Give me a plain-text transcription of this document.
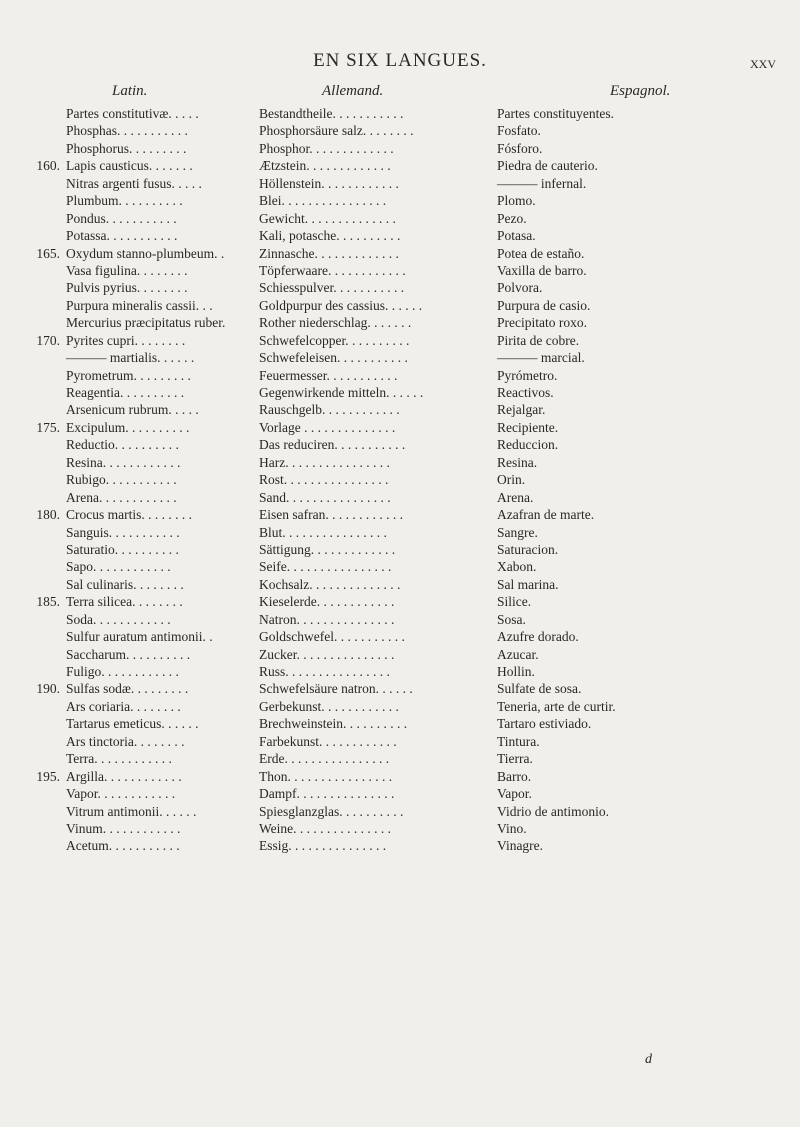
EN SIX LANGUES.	XXV
Latin.	Allemand.	Espagnol.
Partes constitutivæ. . . . .	Bestandtheile. . . . . . . . . . .	Partes constituyentes.
Phosphas. . . . . . . . . . .	Phosphorsäure salz. . . . . . . .	Fosfato.
Phosphorus. . . . . . . . .	Phosphor. . . . . . . . . . . . .	Fósforo.
160. Lapis causticus. . . . . . .	Ætzstein. . . . . . . . . . . . .	Piedra de cauterio.
Nitras argenti fusus. . . . .	Höllenstein. . . . . . . . . . . .	——— infernal.
Plumbum. . . . . . . . . .	Blei. . . . . . . . . . . . . . . .	Plomo.
Pondus. . . . . . . . . . .	Gewicht. . . . . . . . . . . . . .	Pezo.
Potassa. . . . . . . . . . .	Kali, potasche. . . . . . . . . .	Potasa.
165. Oxydum stanno-plumbeum. .	Zinnasche. . . . . . . . . . . . .	Potea de estaño.
Vasa figulina. . . . . . . .	Töpferwaare. . . . . . . . . . . .	Vaxilla de barro.
Pulvis pyrius. . . . . . . .	Schiesspulver. . . . . . . . . . .	Polvora.
Purpura mineralis cassii. . .	Goldpurpur des cassius. . . . . .	Purpura de casio.
Mercurius præcipitatus ruber. Rother niederschlag. . . . . . .	Precipitato roxo.
170. Pyrites cupri. . . . . . . .	Schwefelcopper. . . . . . . . . .	Pirita de cobre.
——— martialis. . . . . .	Schwefeleisen. . . . . . . . . . .	——— marcial.
Pyrometrum. . . . . . . . .	Feuermesser. . . . . . . . . . .	Pyrómetro.
Reagentia. . . . . . . . . .	Gegenwirkende mitteln. . . . . .	Reactivos.
Arsenicum rubrum. . . . .	Rauschgelb. . . . . . . . . . . .	Rejalgar.
175. Excipulum. . . . . . . . . .	Vorlage . . . . . . . . . . . . . .	Recipiente.
Reductio. . . . . . . . . .	Das reduciren. . . . . . . . . . .	Reduccion.
Resina. . . . . . . . . . . .	Harz. . . . . . . . . . . . . . . .	Resina.
Rubigo. . . . . . . . . . .	Rost. . . . . . . . . . . . . . . .	Orin.
Arena. . . . . . . . . . . .	Sand. . . . . . . . . . . . . . . .	Arena.
180. Crocus martis. . . . . . . .	Eisen safran. . . . . . . . . . . .	Azafran de marte.
Sanguis. . . . . . . . . . .	Blut. . . . . . . . . . . . . . . .	Sangre.
Saturatio. . . . . . . . . .	Sättigung. . . . . . . . . . . . .	Saturacion.
Sapo. . . . . . . . . . . .	Seife. . . . . . . . . . . . . . . .	Xabon.
Sal culinaris. . . . . . . .	Kochsalz. . . . . . . . . . . . . .	Sal marina.
185. Terra silicea. . . . . . . .	Kieselerde. . . . . . . . . . . .	Silice.
Soda. . . . . . . . . . . .	Natron. . . . . . . . . . . . . . .	Sosa.
Sulfur auratum antimonii. .	Goldschwefel. . . . . . . . . . .	Azufre dorado.
Saccharum. . . . . . . . . .	Zucker. . . . . . . . . . . . . . .	Azucar.
Fuligo. . . . . . . . . . . .	Russ. . . . . . . . . . . . . . . .	Hollin.
190. Sulfas sodæ. . . . . . . . .	Schwefelsäure natron. . . . . .	Sulfate de sosa.
Ars coriaria. . . . . . . .	Gerbekunst. . . . . . . . . . . .	Teneria, arte de curtir.
Tartarus emeticus. . . . . .	Brechweinstein. . . . . . . . . .	Tartaro estiviado.
Ars tinctoria. . . . . . . .	Farbekunst. . . . . . . . . . . .	Tintura.
Terra. . . . . . . . . . . .	Erde. . . . . . . . . . . . . . . .	Tierra.
195. Argilla. . . . . . . . . . . .	Thon. . . . . . . . . . . . . . . .	Barro.
Vapor. . . . . . . . . . . .	Dampf. . . . . . . . . . . . . . .	Vapor.
Vitrum antimonii. . . . . .	Spiesglanzglas. . . . . . . . . .	Vidrio de antimonio.
Vinum. . . . . . . . . . . .	Weine. . . . . . . . . . . . . . .	Vino.
Acetum. . . . . . . . . . .	Essig. . . . . . . . . . . . . . .	Vinagre.
d
